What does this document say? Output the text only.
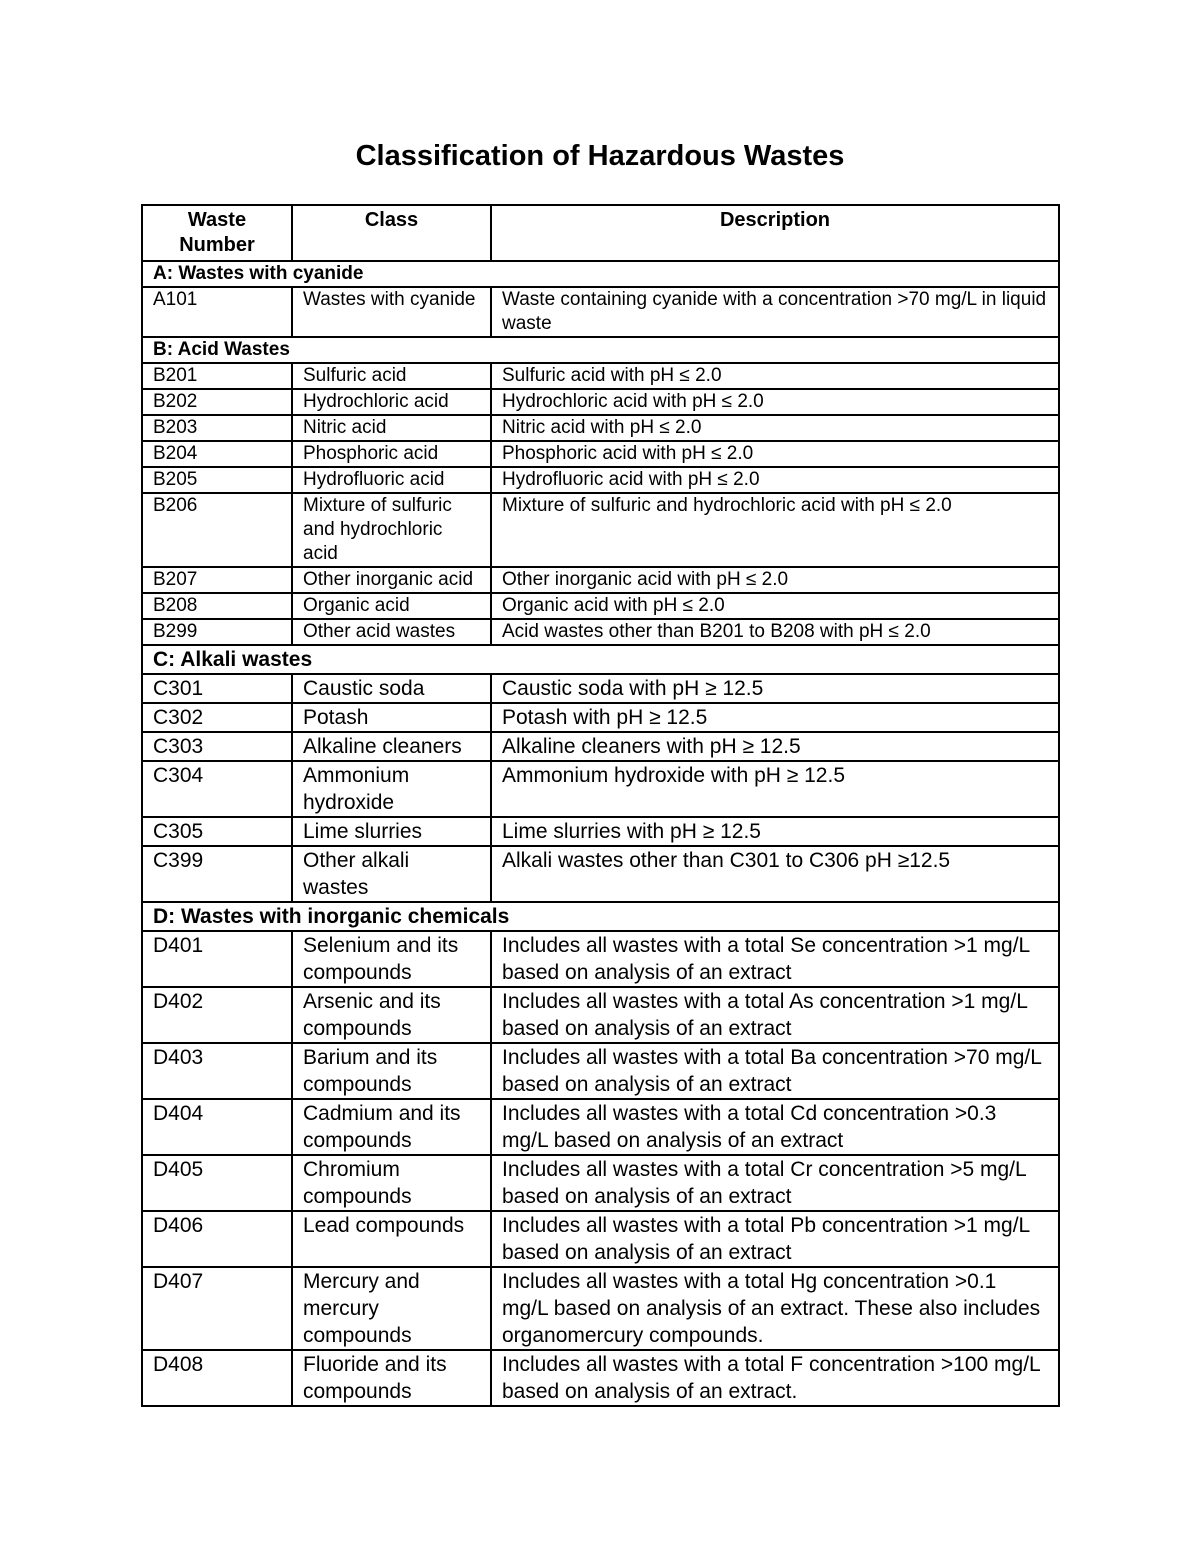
Classification of Hazardous Wastes
Waste Number	Class	Description
A: Wastes with cyanide		
A101	Wastes with cyanide	Waste containing cyanide with a concentration >70 mg/L in liquid waste
B: Acid Wastes		
B201	Sulfuric acid	Sulfuric acid with pH ≤ 2.0
B202	Hydrochloric acid	Hydrochloric acid with pH ≤ 2.0
B203	Nitric acid	Nitric acid with pH ≤ 2.0
B204	Phosphoric acid	Phosphoric acid with pH ≤ 2.0
B205	Hydrofluoric acid	Hydrofluoric acid with pH ≤ 2.0
B206	Mixture of sulfuric and hydrochloric acid	Mixture of sulfuric and hydrochloric acid with pH ≤ 2.0
B207	Other inorganic acid	Other inorganic acid with pH ≤ 2.0
B208	Organic acid	Organic acid with pH ≤ 2.0
B299	Other acid wastes	Acid wastes other than B201 to B208 with pH ≤ 2.0
C: Alkali wastes		
C301	Caustic soda	Caustic soda with pH ≥ 12.5
C302	Potash	Potash with pH ≥ 12.5
C303	Alkaline cleaners	Alkaline cleaners with pH ≥ 12.5
C304	Ammonium hydroxide	Ammonium hydroxide with pH ≥ 12.5
C305	Lime slurries	Lime slurries with pH ≥ 12.5
C399	Other alkali wastes	Alkali wastes other than C301 to C306 pH ≥12.5
D: Wastes with inorganic chemicals		
D401	Selenium and its compounds	Includes all wastes with a total Se concentration >1 mg/L based on analysis of an extract
D402	Arsenic and its compounds	Includes all wastes with a total As concentration >1 mg/L based on analysis of an extract
D403	Barium and its compounds	Includes all wastes with a total Ba concentration >70 mg/L based on analysis of an extract
D404	Cadmium and its compounds	Includes all wastes with a total Cd concentration >0.3 mg/L based on analysis of an extract
D405	Chromium compounds	Includes all wastes with a total Cr concentration >5 mg/L based on analysis of an extract
D406	Lead compounds	Includes all wastes with a total Pb concentration >1 mg/L based on analysis of an extract
D407	Mercury and mercury compounds	Includes all wastes with a total Hg concentration >0.1 mg/L based on analysis of an extract. These also includes organomercury compounds.
D408	Fluoride and its compounds	Includes all wastes with a total F concentration >100 mg/L based on analysis of an extract.
